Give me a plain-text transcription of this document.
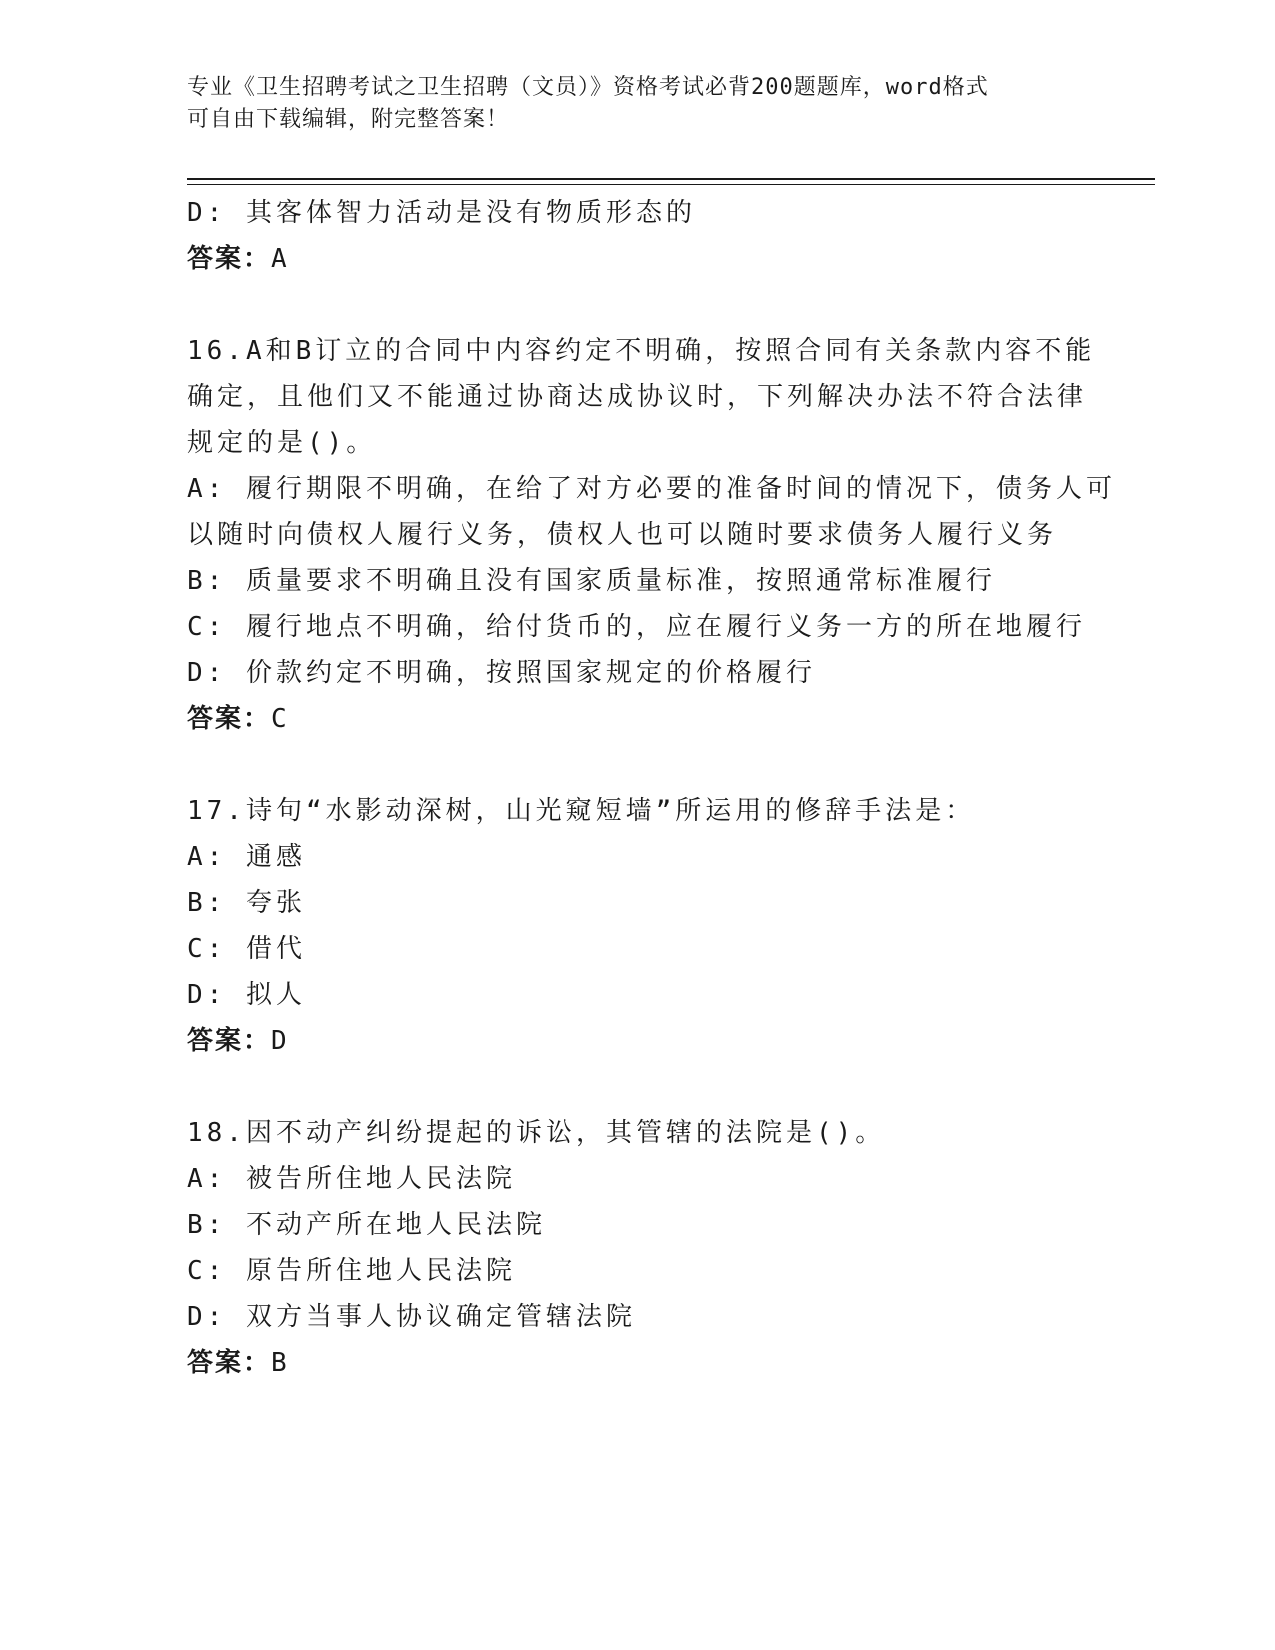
专业《卫生招聘考试之卫生招聘（文员）》资格考试必背200题题库，word格式
可自由下载编辑，附完整答案！
D: 其客体智力活动是没有物质形态的
答案：A
16.A和B订立的合同中内容约定不明确，按照合同有关条款内容不能
确定，且他们又不能通过协商达成协议时，下列解决办法不符合法律
规定的是()。
A: 履行期限不明确，在给了对方必要的准备时间的情况下，债务人可
以随时向债权人履行义务，债权人也可以随时要求债务人履行义务
B: 质量要求不明确且没有国家质量标准，按照通常标准履行
C: 履行地点不明确，给付货币的，应在履行义务一方的所在地履行
D: 价款约定不明确，按照国家规定的价格履行
答案：C
17.诗句“水影动深树，山光窥短墙”所运用的修辞手法是：
A: 通感
B: 夸张
C: 借代
D: 拟人
答案：D
18.因不动产纠纷提起的诉讼，其管辖的法院是()。
A: 被告所住地人民法院
B: 不动产所在地人民法院
C: 原告所住地人民法院
D: 双方当事人协议确定管辖法院
答案：B
